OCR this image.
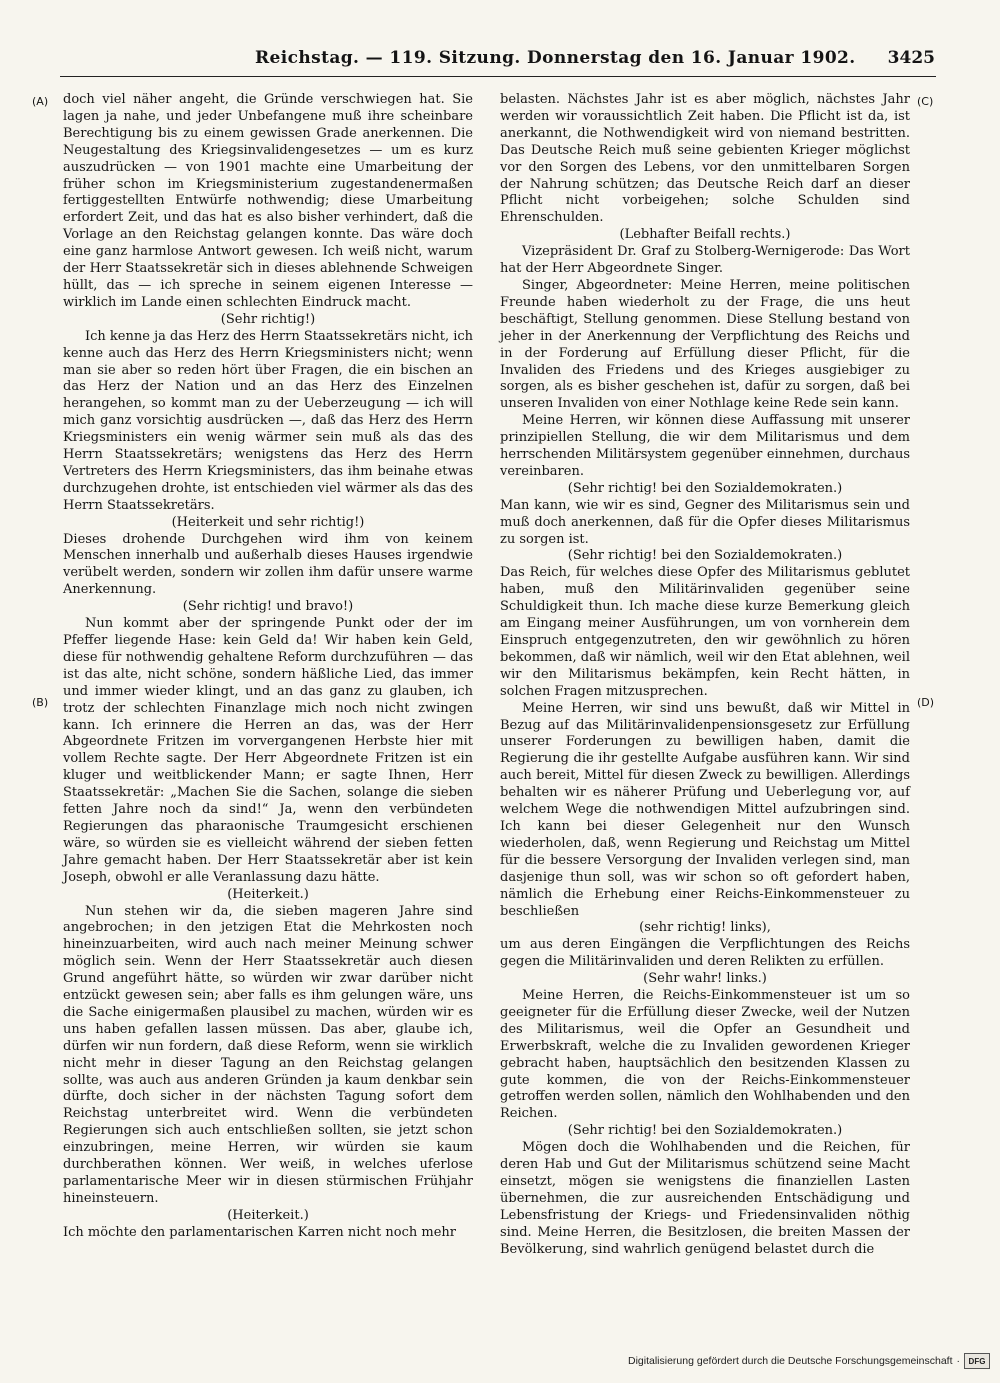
Reichstag. — 119. Sitzung. Donnerstag den 16. Januar 1902. 3425
(A)
(B)
(C)
(D)

doch viel näher angeht, die Gründe verschwiegen hat. Sie lagen ja nahe, und jeder Unbefangene muß ihre scheinbare Berechtigung bis zu einem gewissen Grade anerkennen. Die Neugestaltung des Kriegsinvalidengesetzes — um es kurz auszudrücken — von 1901 machte eine Umarbeitung der früher schon im Kriegsministerium zugestandenermaßen fertiggestellten Entwürfe nothwendig; diese Umarbeitung erfordert Zeit, und das hat es also bisher verhindert, daß die Vorlage an den Reichstag gelangen konnte. Das wäre doch eine ganz harmlose Antwort gewesen. Ich weiß nicht, warum der Herr Staatssekretär sich in dieses ablehnende Schweigen hüllt, das — ich spreche in seinem eigenen Interesse — wirklich im Lande einen schlechten Eindruck macht.

(Sehr richtig!)

Ich kenne ja das Herz des Herrn Staatssekretärs nicht, ich kenne auch das Herz des Herrn Kriegsministers nicht; wenn man sie aber so reden hört über Fragen, die ein bischen an das Herz der Nation und an das Herz des Einzelnen herangehen, so kommt man zu der Ueberzeugung — ich will mich ganz vorsichtig ausdrücken —, daß das Herz des Herrn Kriegsministers ein wenig wärmer sein muß als das des Herrn Staatssekretärs; wenigstens das Herz des Herrn Vertreters des Herrn Kriegsministers, das ihm beinahe etwas durchzugehen drohte, ist entschieden viel wärmer als das des Herrn Staatssekretärs.

(Heiterkeit und sehr richtig!)

Dieses drohende Durchgehen wird ihm von keinem Menschen innerhalb und außerhalb dieses Hauses irgendwie verübelt werden, sondern wir zollen ihm dafür unsere warme Anerkennung.

(Sehr richtig! und bravo!)

Nun kommt aber der springende Punkt oder der im Pfeffer liegende Hase: kein Geld da! Wir haben kein Geld, diese für nothwendig gehaltene Reform durchzuführen — das ist das alte, nicht schöne, sondern häßliche Lied, das immer und immer wieder klingt, und an das ganz zu glauben, ich trotz der schlechten Finanzlage mich noch nicht zwingen kann. Ich erinnere die Herren an das, was der Herr Abgeordnete Fritzen im vorvergangenen Herbste hier mit vollem Rechte sagte. Der Herr Abgeordnete Fritzen ist ein kluger und weitblickender Mann; er sagte Ihnen, Herr Staatssekretär: „Machen Sie die Sachen, solange die sieben fetten Jahre noch da sind!“ Ja, wenn den verbündeten Regierungen das pharaonische Traumgesicht erschienen wäre, so würden sie es vielleicht während der sieben fetten Jahre gemacht haben. Der Herr Staatssekretär aber ist kein Joseph, obwohl er alle Veranlassung dazu hätte.

(Heiterkeit.)

Nun stehen wir da, die sieben mageren Jahre sind angebrochen; in den jetzigen Etat die Mehrkosten noch hineinzuarbeiten, wird auch nach meiner Meinung schwer möglich sein. Wenn der Herr Staatssekretär auch diesen Grund angeführt hätte, so würden wir zwar darüber nicht entzückt gewesen sein; aber falls es ihm gelungen wäre, uns die Sache einigermaßen plausibel zu machen, würden wir es uns haben gefallen lassen müssen. Das aber, glaube ich, dürfen wir nun fordern, daß diese Reform, wenn sie wirklich nicht mehr in dieser Tagung an den Reichstag gelangen sollte, was auch aus anderen Gründen ja kaum denkbar sein dürfte, doch sicher in der nächsten Tagung sofort dem Reichstag unterbreitet wird. Wenn die verbündeten Regierungen sich auch entschließen sollten, sie jetzt schon einzubringen, meine Herren, wir würden sie kaum durchberathen können. Wer weiß, in welches uferlose parlamentarische Meer wir in diesen stürmischen Frühjahr hineinsteuern.

(Heiterkeit.)

Ich möchte den parlamentarischen Karren nicht noch mehr

belasten. Nächstes Jahr ist es aber möglich, nächstes Jahr werden wir voraussichtlich Zeit haben. Die Pflicht ist da, ist anerkannt, die Nothwendigkeit wird von niemand bestritten. Das Deutsche Reich muß seine gebienten Krieger möglichst vor den Sorgen des Lebens, vor den unmittelbaren Sorgen der Nahrung schützen; das Deutsche Reich darf an dieser Pflicht nicht vorbeigehen; solche Schulden sind Ehrenschulden.

(Lebhafter Beifall rechts.)

Vizepräsident Dr. Graf zu Stolberg-Wernigerode: Das Wort hat der Herr Abgeordnete Singer.

Singer, Abgeordneter: Meine Herren, meine politischen Freunde haben wiederholt zu der Frage, die uns heut beschäftigt, Stellung genommen. Diese Stellung bestand von jeher in der Anerkennung der Verpflichtung des Reichs und in der Forderung auf Erfüllung dieser Pflicht, für die Invaliden des Friedens und des Krieges ausgiebiger zu sorgen, als es bisher geschehen ist, dafür zu sorgen, daß bei unseren Invaliden von einer Nothlage keine Rede sein kann.

Meine Herren, wir können diese Auffassung mit unserer prinzipiellen Stellung, die wir dem Militarismus und dem herrschenden Militärsystem gegenüber einnehmen, durchaus vereinbaren.

(Sehr richtig! bei den Sozialdemokraten.)

Man kann, wie wir es sind, Gegner des Militarismus sein und muß doch anerkennen, daß für die Opfer dieses Militarismus zu sorgen ist.

(Sehr richtig! bei den Sozialdemokraten.)

Das Reich, für welches diese Opfer des Militarismus geblutet haben, muß den Militärinvaliden gegenüber seine Schuldigkeit thun. Ich mache diese kurze Bemerkung gleich am Eingang meiner Ausführungen, um von vornherein dem Einspruch entgegenzutreten, den wir gewöhnlich zu hören bekommen, daß wir nämlich, weil wir den Etat ablehnen, weil wir den Militarismus bekämpfen, kein Recht hätten, in solchen Fragen mitzusprechen.

Meine Herren, wir sind uns bewußt, daß wir Mittel in Bezug auf das Militärinvalidenpensionsgesetz zur Erfüllung unserer Forderungen zu bewilligen haben, damit die Regierung die ihr gestellte Aufgabe ausführen kann. Wir sind auch bereit, Mittel für diesen Zweck zu bewilligen. Allerdings behalten wir es näherer Prüfung und Ueberlegung vor, auf welchem Wege die nothwendigen Mittel aufzubringen sind. Ich kann bei dieser Gelegenheit nur den Wunsch wiederholen, daß, wenn Regierung und Reichstag um Mittel für die bessere Versorgung der Invaliden verlegen sind, man dasjenige thun soll, was wir schon so oft gefordert haben, nämlich die Erhebung einer Reichs-Einkommensteuer zu beschließen

(sehr richtig! links),

um aus deren Eingängen die Verpflichtungen des Reichs gegen die Militärinvaliden und deren Relikten zu erfüllen.

(Sehr wahr! links.)

Meine Herren, die Reichs-Einkommensteuer ist um so geeigneter für die Erfüllung dieser Zwecke, weil der Nutzen des Militarismus, weil die Opfer an Gesundheit und Erwerbskraft, welche die zu Invaliden gewordenen Krieger gebracht haben, hauptsächlich den besitzenden Klassen zu gute kommen, die von der Reichs-Einkommensteuer getroffen werden sollen, nämlich den Wohlhabenden und den Reichen.

(Sehr richtig! bei den Sozialdemokraten.)

Mögen doch die Wohlhabenden und die Reichen, für deren Hab und Gut der Militarismus schützend seine Macht einsetzt, mögen sie wenigstens die finanziellen Lasten übernehmen, die zur ausreichenden Entschädigung und Lebensfristung der Kriegs- und Friedensinvaliden nöthig sind. Meine Herren, die Besitzlosen, die breiten Massen der Bevölkerung, sind wahrlich genügend belastet durch die

Digitalisierung gefördert durch die Deutsche Forschungsgemeinschaft ·	DFG
